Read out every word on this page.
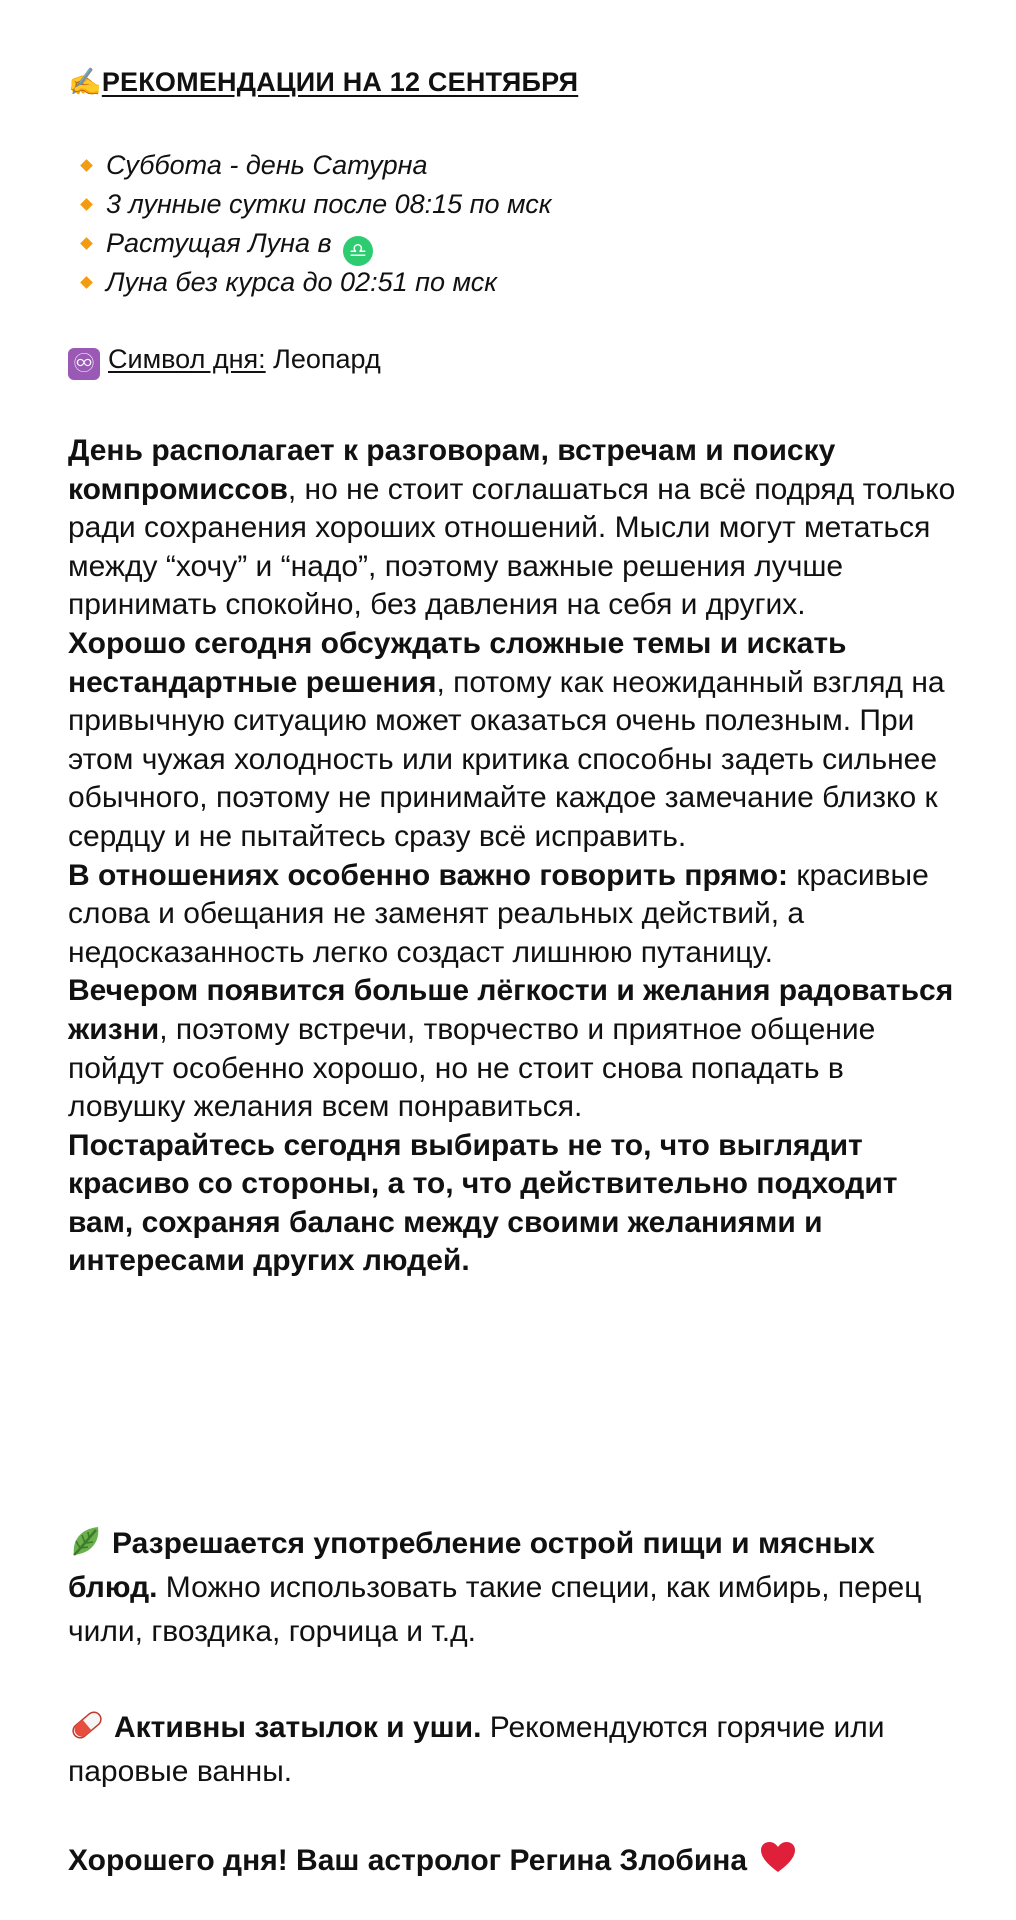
✍️РЕКОМЕНДАЦИИ НА 12 СЕНТЯБРЯ
Суббота - день Сатурна
3 лунные сутки после 08:15 по мск
Растущая Луна в ♎
Луна без курса до 02:51 по мск
♾ Символ дня: Леопард

День располагает к разговорам, встречам и поиску компромиссов, но не стоит соглашаться на всё подряд только ради сохранения хороших отношений. Мысли могут метаться между “хочу” и “надо”, поэтому важные решения лучше принимать спокойно, без давления на себя и других.

Хорошо сегодня обсуждать сложные темы и искать нестандартные решения, потому как неожиданный взгляд на привычную ситуацию может оказаться очень полезным. При этом чужая холодность или критика способны задеть сильнее обычного, поэтому не принимайте каждое замечание близко к сердцу и не пытайтесь сразу всё исправить.

В отношениях особенно важно говорить прямо: красивые слова и обещания не заменят реальных действий, а недосказанность легко создаст лишнюю путаницу.

Вечером появится больше лёгкости и желания радоваться жизни, поэтому встречи, творчество и приятное общение пойдут особенно хорошо, но не стоит снова попадать в ловушку желания всем понравиться.

Постарайтесь сегодня выбирать не то, что выглядит красиво со стороны, а то, что действительно подходит вам, сохраняя баланс между своими желаниями и интересами других людей.

Разрешается употребление острой пищи и мясных блюд. Можно использовать такие специи, как имбирь, перец чили, гвоздика, горчица и т.д.
Активны затылок и уши. Рекомендуются горячие или паровые ванны.
Хорошего дня! Ваш астролог Регина Злобина
